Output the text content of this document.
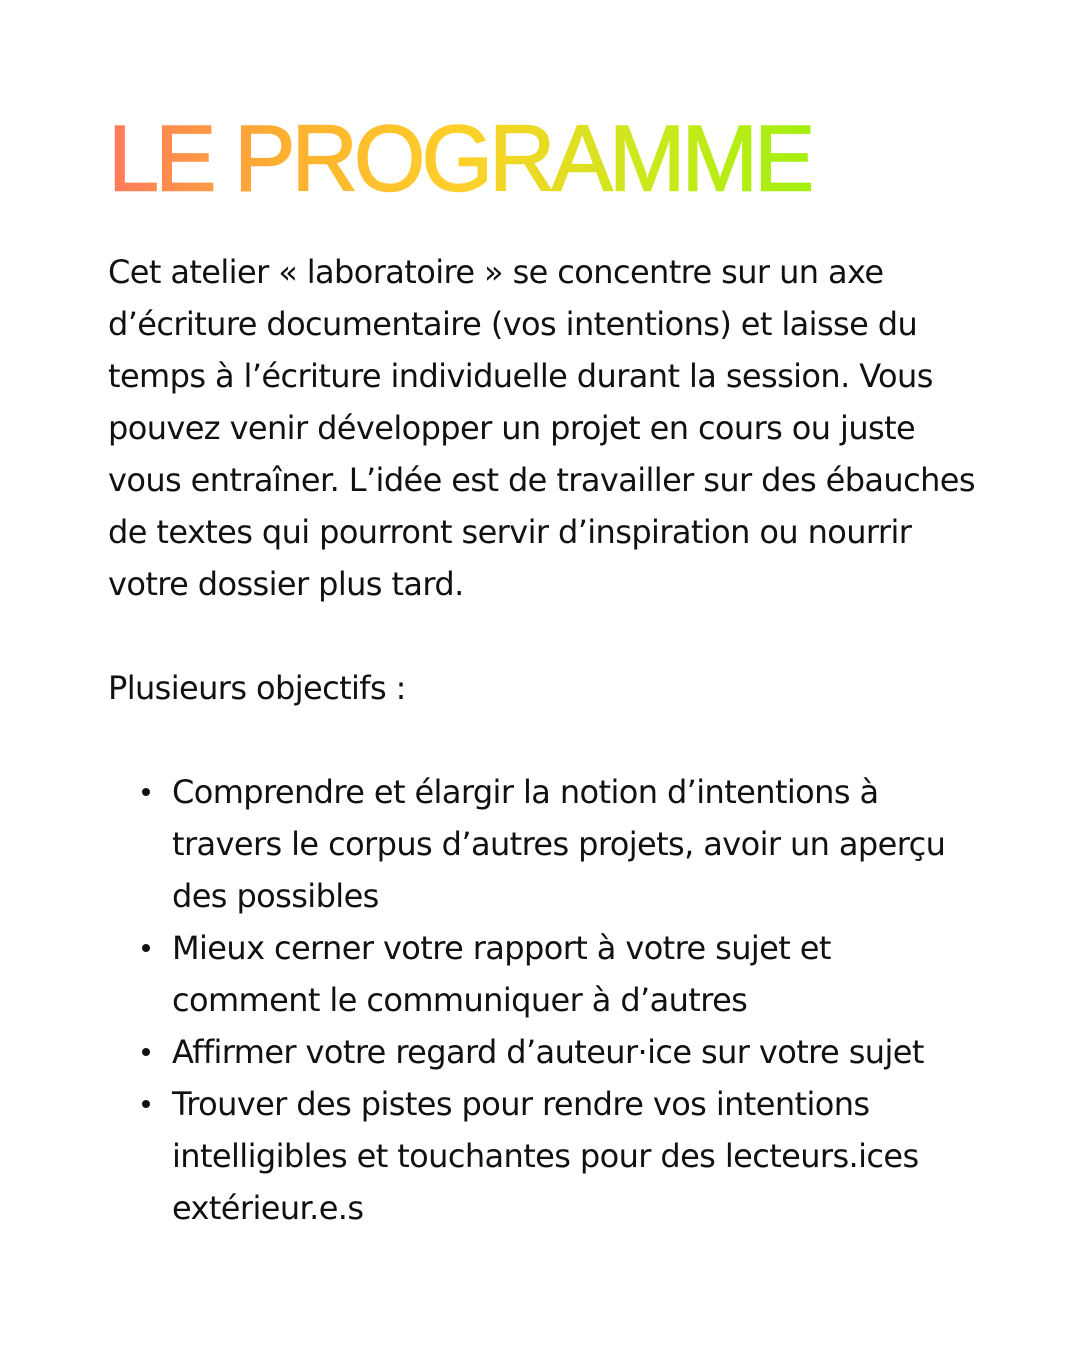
LE PROGRAMME

Cet atelier « laboratoire » se concentre sur un axe d’écriture documentaire (vos intentions) et laisse du temps à l’écriture individuelle durant la session. Vous pouvez venir développer un projet en cours ou juste vous entraîner. L’idée est de travailler sur des ébauches de textes qui pourront servir d’inspiration ou nourrir votre dossier plus tard.

Plusieurs objectifs :

Comprendre et élargir la notion d’intentions à travers le corpus d’autres projets, avoir un aperçu des possibles
Mieux cerner votre rapport à votre sujet et comment le communiquer à d’autres
Affirmer votre regard d’auteur·ice sur votre sujet
Trouver des pistes pour rendre vos intentions intelligibles et touchantes pour des lecteurs.ices extérieur.e.s
